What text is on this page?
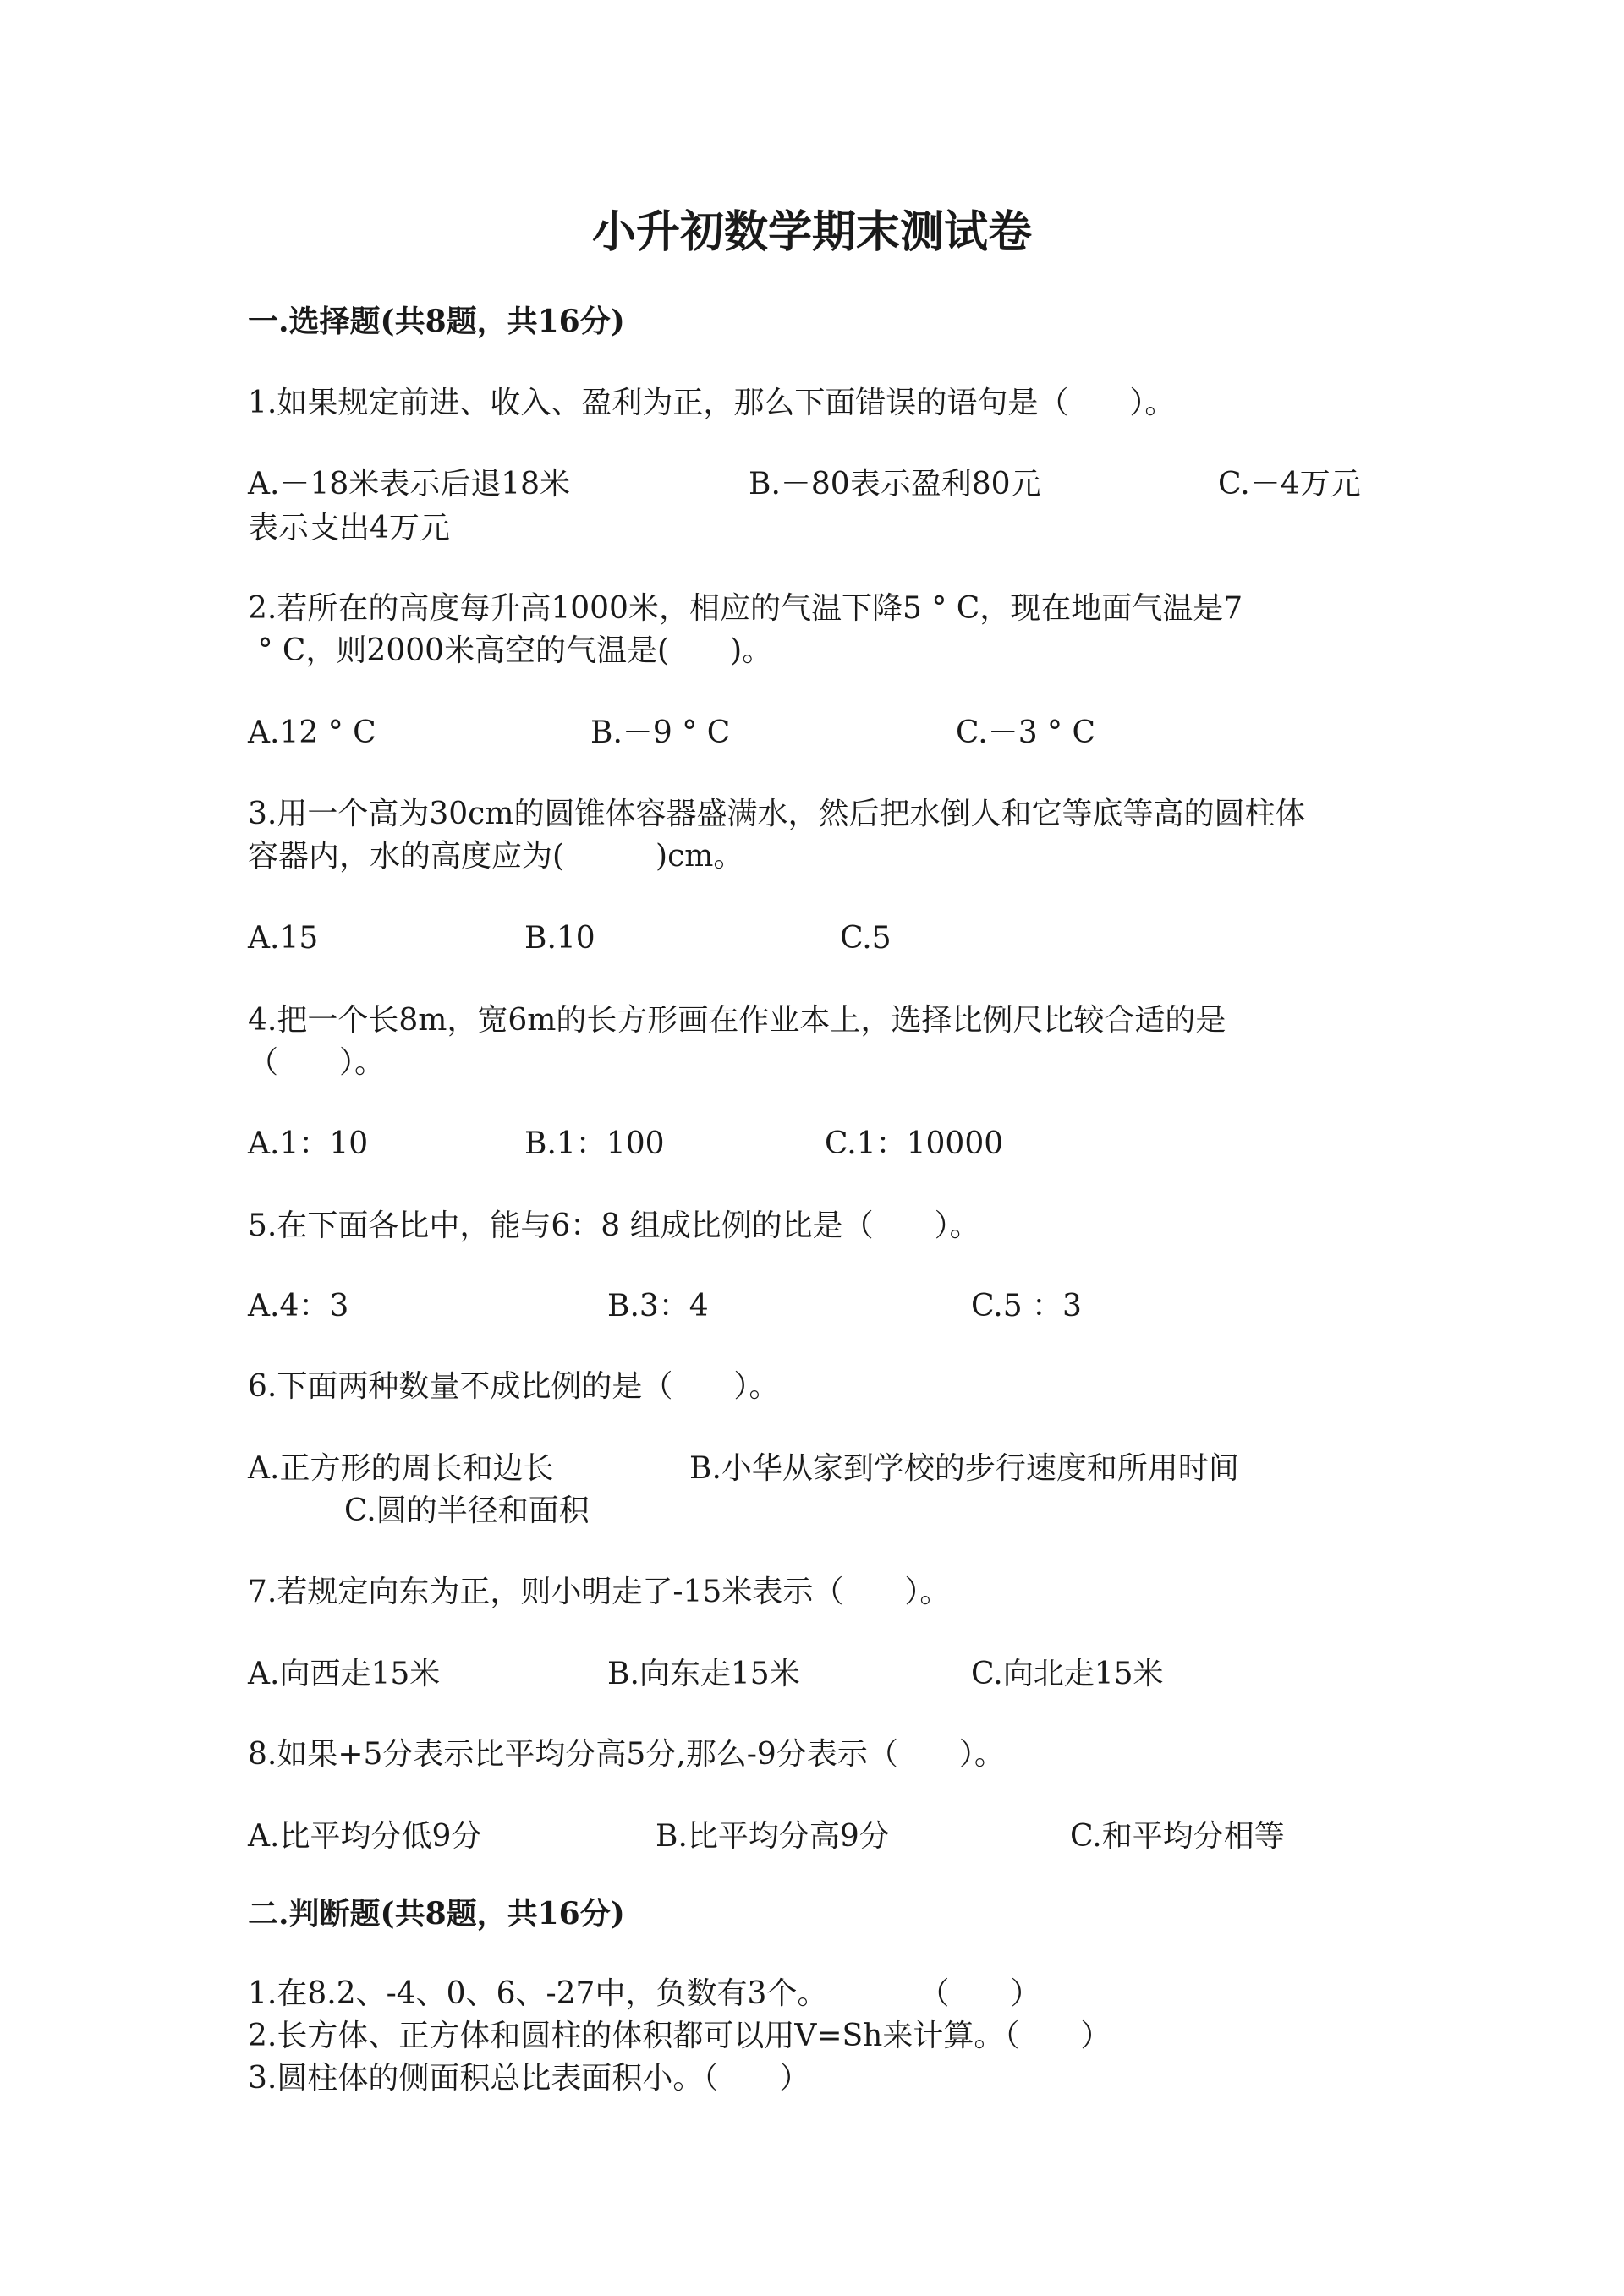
小升初数学期末测试卷
一.选择题(共8题，共16分)
1.如果规定前进、收入、盈利为正，那么下面错误的语句是（　　）。
A.－18米表示后退18米	B.－80表示盈利80元	C.－4万元
表示支出4万元
2.若所在的高度每升高1000米，相应的气温下降5 ° C，现在地面气温是7
° C，则2000米高空的气温是(　　)。
A.12 ° C	B.－9 ° C	C.－3 ° C
3.用一个高为30cm的圆锥体容器盛满水，然后把水倒人和它等底等高的圆柱体
容器内，水的高度应为(　　　)cm。
A.15	B.10	C.5
4.把一个长8m，宽6m的长方形画在作业本上，选择比例尺比较合适的是
（　　）。
A.1：10	B.1：100	C.1：10000
5.在下面各比中，能与6：8 组成比例的比是（　　）。
A.4：3	B.3：4	C.5 ：3
6.下面两种数量不成比例的是（　　）。
A.正方形的周长和边长	B.小华从家到学校的步行速度和所用时间
C.圆的半径和面积
7.若规定向东为正，则小明走了-15米表示（　　）。
A.向西走15米	B.向东走15米	C.向北走15米
8.如果+5分表示比平均分高5分,那么-9分表示（　　）。
A.比平均分低9分	B.比平均分高9分	C.和平均分相等
二.判断题(共8题，共16分)
1.在8.2、-4、0、6、-27中，负数有3个。　　　　（　　）
2.长方体、正方体和圆柱的体积都可以用V=Sh来计算。（　　）
3.圆柱体的侧面积总比表面积小。（　　）
